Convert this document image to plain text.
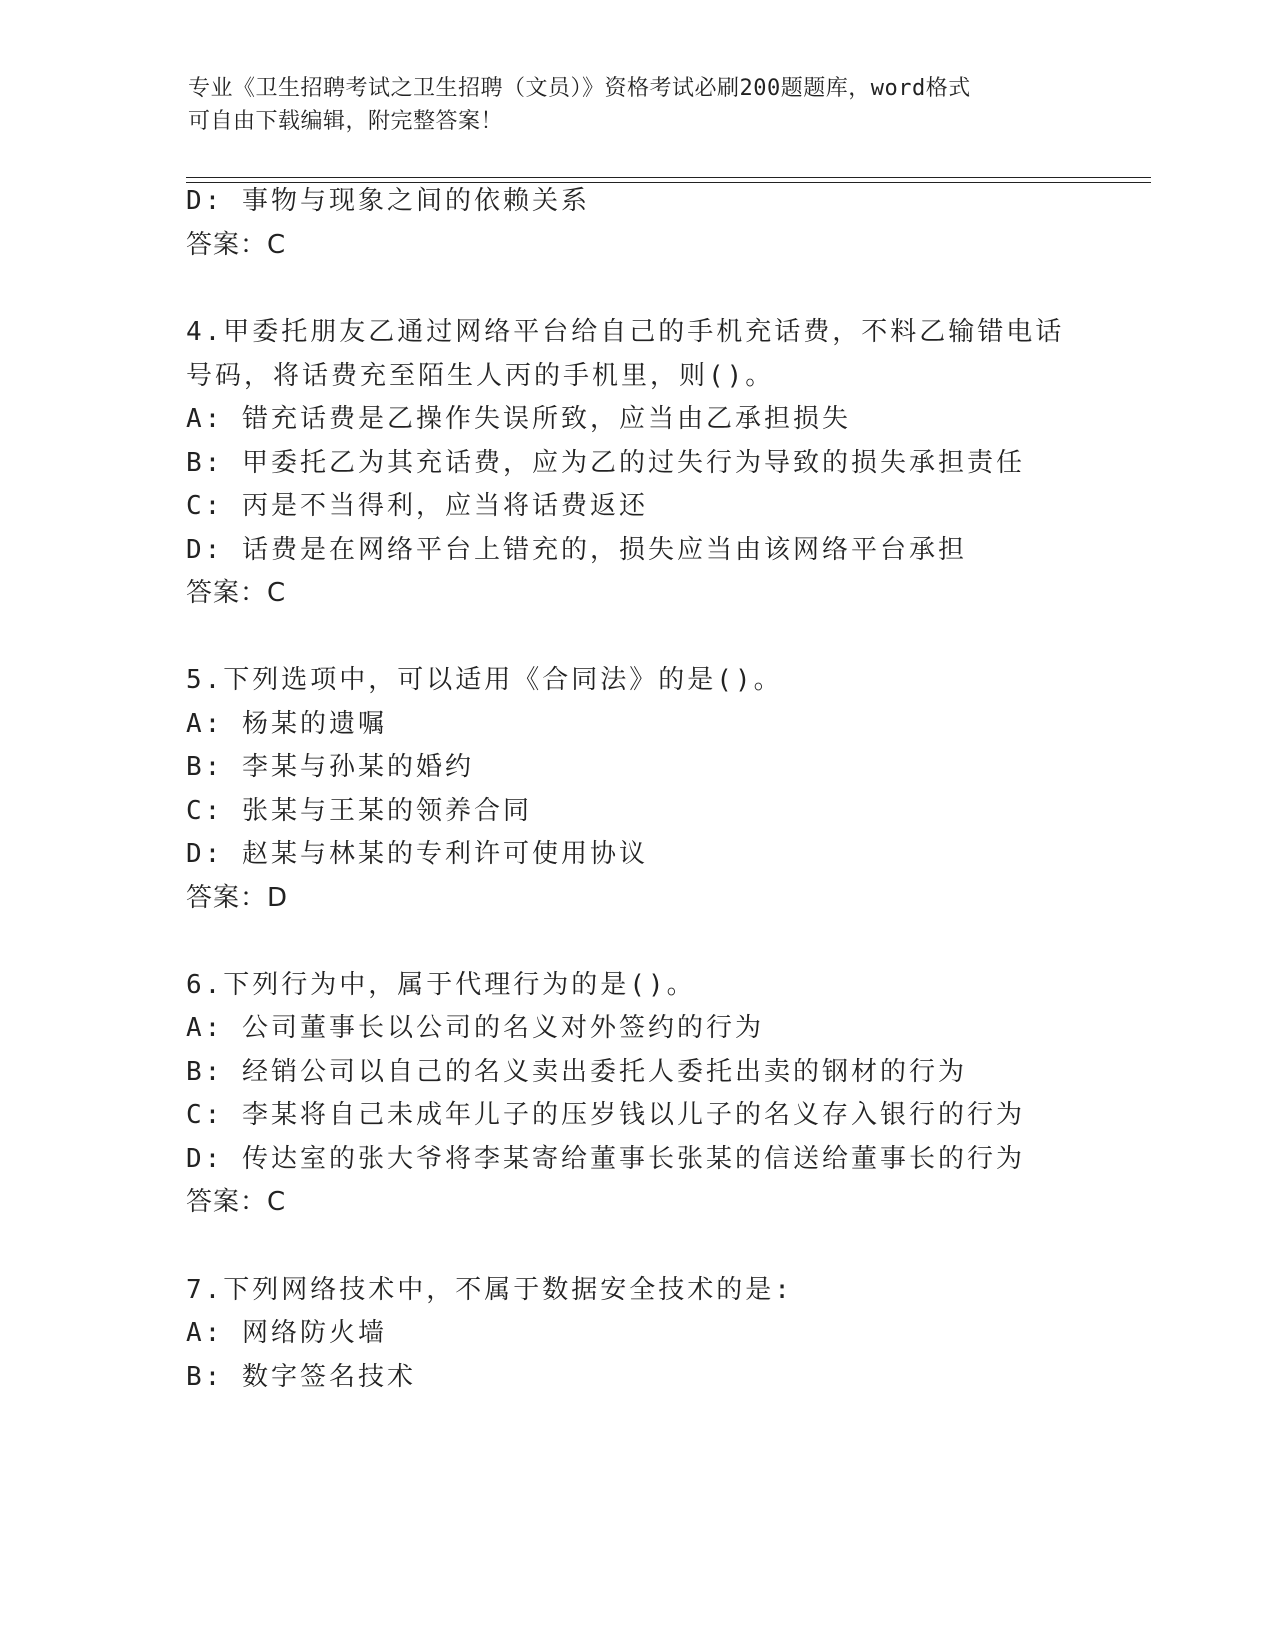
专业《卫生招聘考试之卫生招聘（文员）》资格考试必刷200题题库，word格式
可自由下载编辑，附完整答案！
D: 事物与现象之间的依赖关系
答案：C
4.甲委托朋友乙通过网络平台给自己的手机充话费，不料乙输错电话
号码，将话费充至陌生人丙的手机里，则()。
A: 错充话费是乙操作失误所致，应当由乙承担损失
B: 甲委托乙为其充话费，应为乙的过失行为导致的损失承担责任
C: 丙是不当得利，应当将话费返还
D: 话费是在网络平台上错充的，损失应当由该网络平台承担
答案：C
5.下列选项中，可以适用《合同法》的是()。
A: 杨某的遗嘱
B: 李某与孙某的婚约
C: 张某与王某的领养合同
D: 赵某与林某的专利许可使用协议
答案：D
6.下列行为中，属于代理行为的是()。
A: 公司董事长以公司的名义对外签约的行为
B: 经销公司以自己的名义卖出委托人委托出卖的钢材的行为
C: 李某将自己未成年儿子的压岁钱以儿子的名义存入银行的行为
D: 传达室的张大爷将李某寄给董事长张某的信送给董事长的行为
答案：C
7.下列网络技术中，不属于数据安全技术的是:
A: 网络防火墙
B: 数字签名技术
